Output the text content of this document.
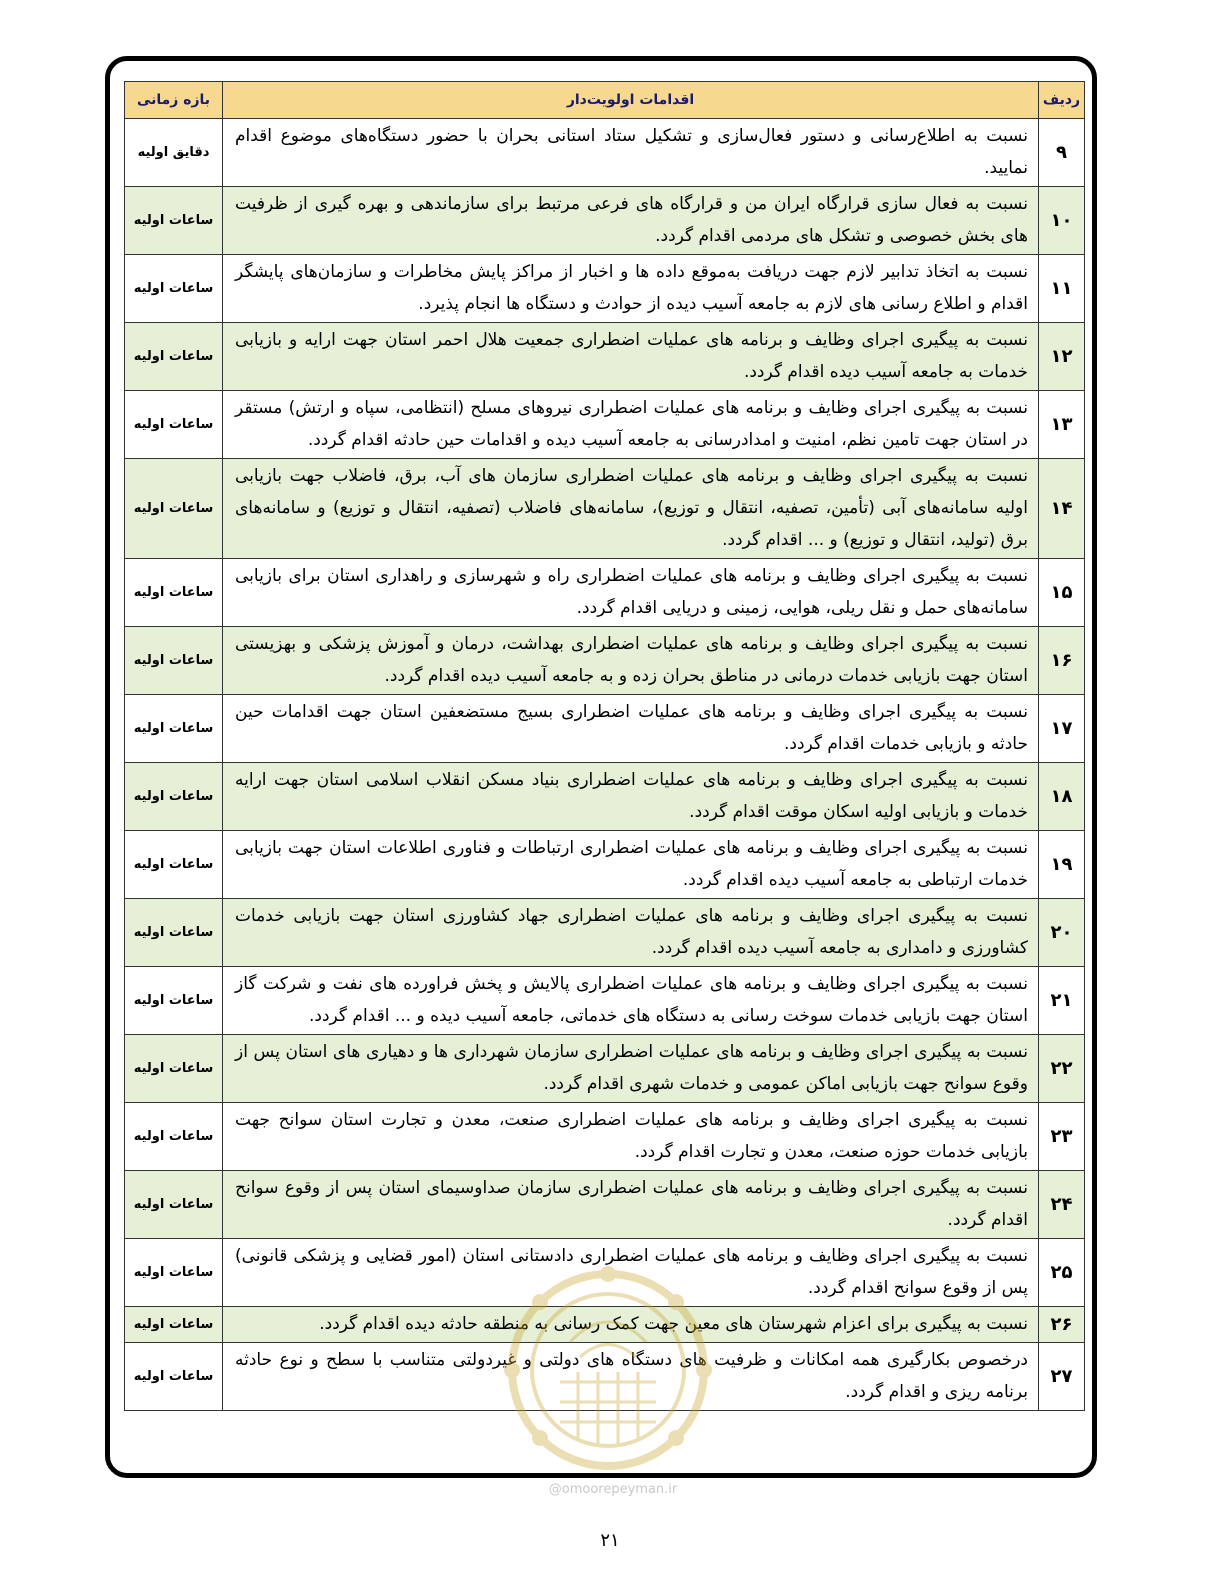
ردیف	اقدامات اولویت‌دار	بازه زمانی
۹	نسبت به اطلاع‌رسانی و دستور فعال‌سازی و تشکیل ستاد استانی بحران با حضور دستگاه‌های موضوع اقدام نمایید.	دقایق اولیه
۱۰	نسبت به فعال سازی قرارگاه ایران من و قرارگاه های فرعی مرتبط برای سازماندهی و بهره گیری از ظرفیت های بخش خصوصی و تشکل های مردمی اقدام گردد.	ساعات اولیه
۱۱	نسبت به اتخاذ تدابیر لازم جهت دریافت به‌موقع داده ها و اخبار از مراکز پایش مخاطرات و سازمان‌های پایشگر اقدام و اطلاع رسانی های لازم به جامعه آسیب دیده از حوادث و دستگاه ها انجام پذیرد.	ساعات اولیه
۱۲	نسبت به پیگیری اجرای وظایف و برنامه های عملیات اضطراری جمعیت هلال احمر استان جهت ارایه و بازیابی خدمات به جامعه آسیب دیده اقدام گردد.	ساعات اولیه
۱۳	نسبت به پیگیری اجرای وظایف و برنامه های عملیات اضطراری نیروهای مسلح (انتظامی، سپاه و ارتش) مستقر در استان جهت تامین نظم، امنیت و امدادرسانی به جامعه آسیب دیده و اقدامات حین حادثه اقدام گردد.	ساعات اولیه
۱۴	نسبت به پیگیری اجرای وظایف و برنامه های عملیات اضطراری سازمان های آب، برق، فاضلاب جهت بازیابی اولیه سامانه‌های آبی (تأمین، تصفیه، انتقال و توزیع)، سامانه‌های فاضلاب (تصفیه، انتقال و توزیع) و سامانه‌های برق (تولید، انتقال و توزیع) و ... اقدام گردد.	ساعات اولیه
۱۵	نسبت به پیگیری اجرای وظایف و برنامه های عملیات اضطراری راه و شهرسازی و راهداری استان برای بازیابی سامانه‌های حمل و نقل ریلی، هوایی، زمینی و دریایی اقدام گردد.	ساعات اولیه
۱۶	نسبت به پیگیری اجرای وظایف و برنامه های عملیات اضطراری بهداشت، درمان و آموزش پزشکی و بهزیستی استان جهت بازیابی خدمات درمانی در مناطق بحران زده و به جامعه آسیب دیده اقدام گردد.	ساعات اولیه
۱۷	نسبت به پیگیری اجرای وظایف و برنامه های عملیات اضطراری بسیج مستضعفین استان جهت اقدامات حین حادثه و بازیابی خدمات اقدام گردد.	ساعات اولیه
۱۸	نسبت به پیگیری اجرای وظایف و برنامه های عملیات اضطراری بنیاد مسکن انقلاب اسلامی استان جهت ارایه خدمات و بازیابی اولیه اسکان موقت اقدام گردد.	ساعات اولیه
۱۹	نسبت به پیگیری اجرای وظایف و برنامه های عملیات اضطراری ارتباطات و فناوری اطلاعات استان جهت بازیابی خدمات ارتباطی به جامعه آسیب دیده اقدام گردد.	ساعات اولیه
۲۰	نسبت به پیگیری اجرای وظایف و برنامه های عملیات اضطراری جهاد کشاورزی استان جهت بازیابی خدمات کشاورزی و دامداری به جامعه آسیب دیده اقدام گردد.	ساعات اولیه
۲۱	نسبت به پیگیری اجرای وظایف و برنامه های عملیات اضطراری پالایش و پخش فراورده های نفت و شرکت گاز استان جهت بازیابی خدمات سوخت رسانی به دستگاه های خدماتی، جامعه آسیب دیده و ... اقدام گردد.	ساعات اولیه
۲۲	نسبت به پیگیری اجرای وظایف و برنامه های عملیات اضطراری سازمان شهرداری ها و دهیاری های استان پس از وقوع سوانح جهت بازیابی اماکن عمومی و خدمات شهری اقدام گردد.	ساعات اولیه
۲۳	نسبت به پیگیری اجرای وظایف و برنامه های عملیات اضطراری صنعت، معدن و تجارت استان سوانح جهت بازیابی خدمات حوزه صنعت، معدن و تجارت اقدام گردد.	ساعات اولیه
۲۴	نسبت به پیگیری اجرای وظایف و برنامه های عملیات اضطراری سازمان صداوسیمای استان پس از وقوع سوانح اقدام گردد.	ساعات اولیه
۲۵	نسبت به پیگیری اجرای وظایف و برنامه های عملیات اضطراری دادستانی استان (امور قضایی و پزشکی قانونی) پس از وقوع سوانح اقدام گردد.	ساعات اولیه
۲۶	نسبت به پیگیری برای اعزام شهرستان های معین جهت کمک رسانی به منطقه حادثه دیده اقدام گردد.	ساعات اولیه
۲۷	درخصوص بکارگیری همه امکانات و ظرفیت های دستگاه های دولتی و غیردولتی متناسب با سطح و نوع حادثه برنامه ریزی و اقدام گردد.	ساعات اولیه
@omoorepeyman.ir
۲۱
